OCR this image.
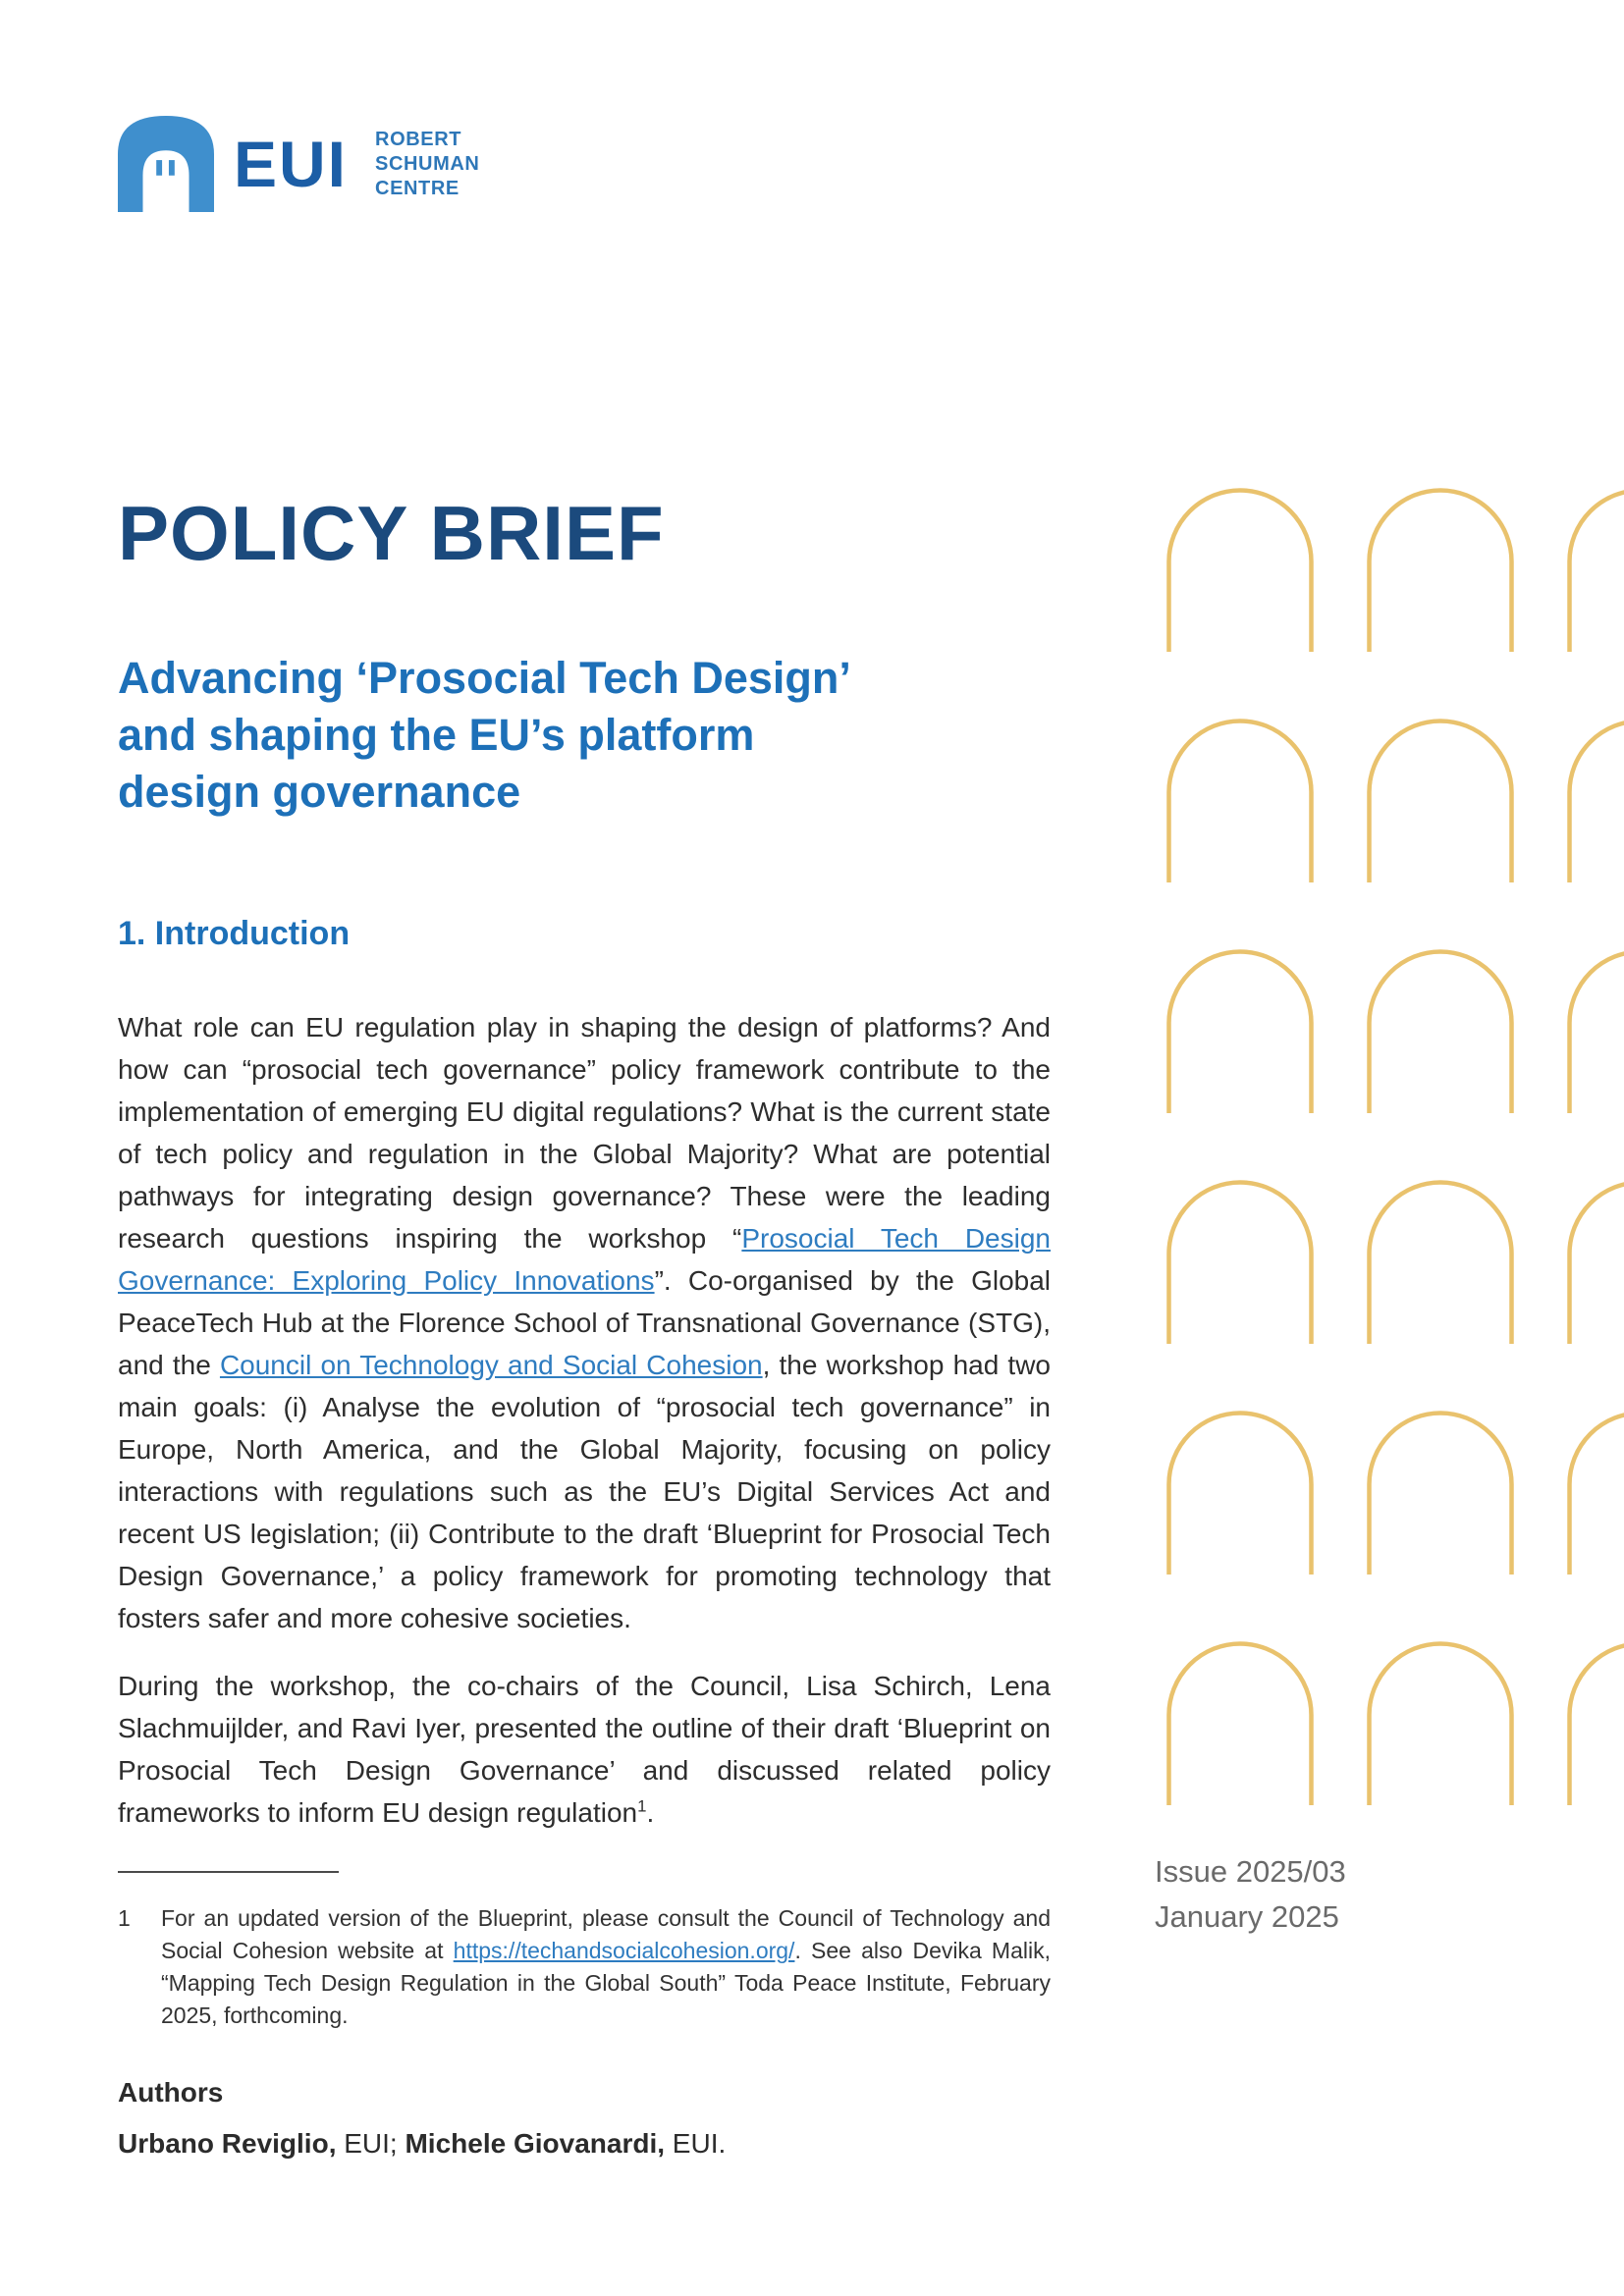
EUI ROBERT
SCHUMAN
CENTRE
POLICY BRIEF
Advancing ‘Prosocial Tech Design’
and shaping the EU’s platform
design governance
1. Introduction

What role can EU regulation play in shaping the design of platforms? And how can “prosocial tech governance” policy framework contribute to the implementation of emerging EU digital regulations? What is the current state of tech policy and regulation in the Global Majority? What are potential pathways for integrating design governance? These were the leading research questions inspiring the workshop “Prosocial Tech Design Governance: Exploring Policy Innovations”. Co-organised by the Global PeaceTech Hub at the Florence School of Transnational Governance (STG), and the Council on Technology and Social Cohesion, the workshop had two main goals: (i) Analyse the evolution of “prosocial tech governance” in Europe, North America, and the Global Majority, focusing on policy interactions with regulations such as the EU’s Digital Services Act and recent US legislation; (ii) Contribute to the draft ‘Blueprint for Prosocial Tech Design Governance,’ a policy framework for promoting technology that fosters safer and more cohesive societies.

During the workshop, the co-chairs of the Council, Lisa Schirch, Lena Slachmuijlder, and Ravi Iyer, presented the outline of their draft ‘Blueprint on Prosocial Tech Design Governance’ and discussed related policy frameworks to inform EU design regulation$^1$.

1	For an updated version of the Blueprint, please consult the Council of Technology and Social Cohesion website at https://techandsocialcohesion.org/. See also Devika Malik, “Mapping Tech Design Regulation in the Global South” Toda Peace Institute, February 2025, forthcoming.
Authors

Urbano Reviglio, EUI; Michele Giovanardi, EUI.

Issue 2025/03
January 2025
